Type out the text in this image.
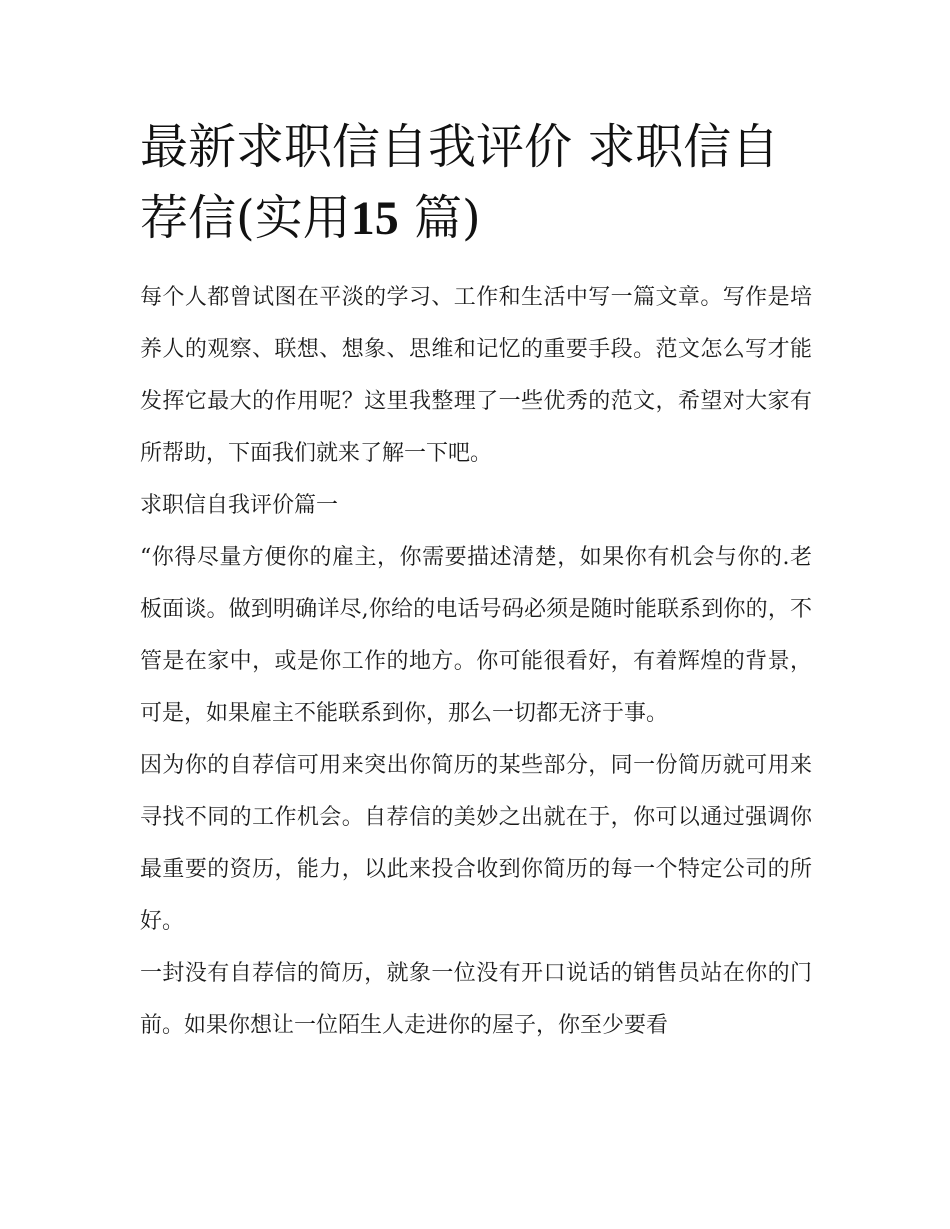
最新求职信自我评价 求职信自荐信(实用15 篇)

每个人都曾试图在平淡的学习、工作和生活中写一篇文章。写作是培养人的观察、联想、想象、思维和记忆的重要手段。范文怎么写才能发挥它最大的作用呢？这里我整理了一些优秀的范文，希望对大家有所帮助，下面我们就来了解一下吧。

求职信自我评价篇一

“你得尽量方便你的雇主，你需要描述清楚，如果你有机会与你的.老板面谈。做到明确详尽,你给的电话号码必须是随时能联系到你的，不管是在家中，或是你工作的地方。你可能很看好，有着辉煌的背景，可是，如果雇主不能联系到你，那么一切都无济于事。

因为你的自荐信可用来突出你简历的某些部分，同一份简历就可用来寻找不同的工作机会。自荐信的美妙之出就在于，你可以通过强调你最重要的资历，能力，以此来投合收到你简历的每一个特定公司的所好。

一封没有自荐信的简历，就象一位没有开口说话的销售员站在你的门前。如果你想让一位陌生人走进你的屋子，你至少要看
